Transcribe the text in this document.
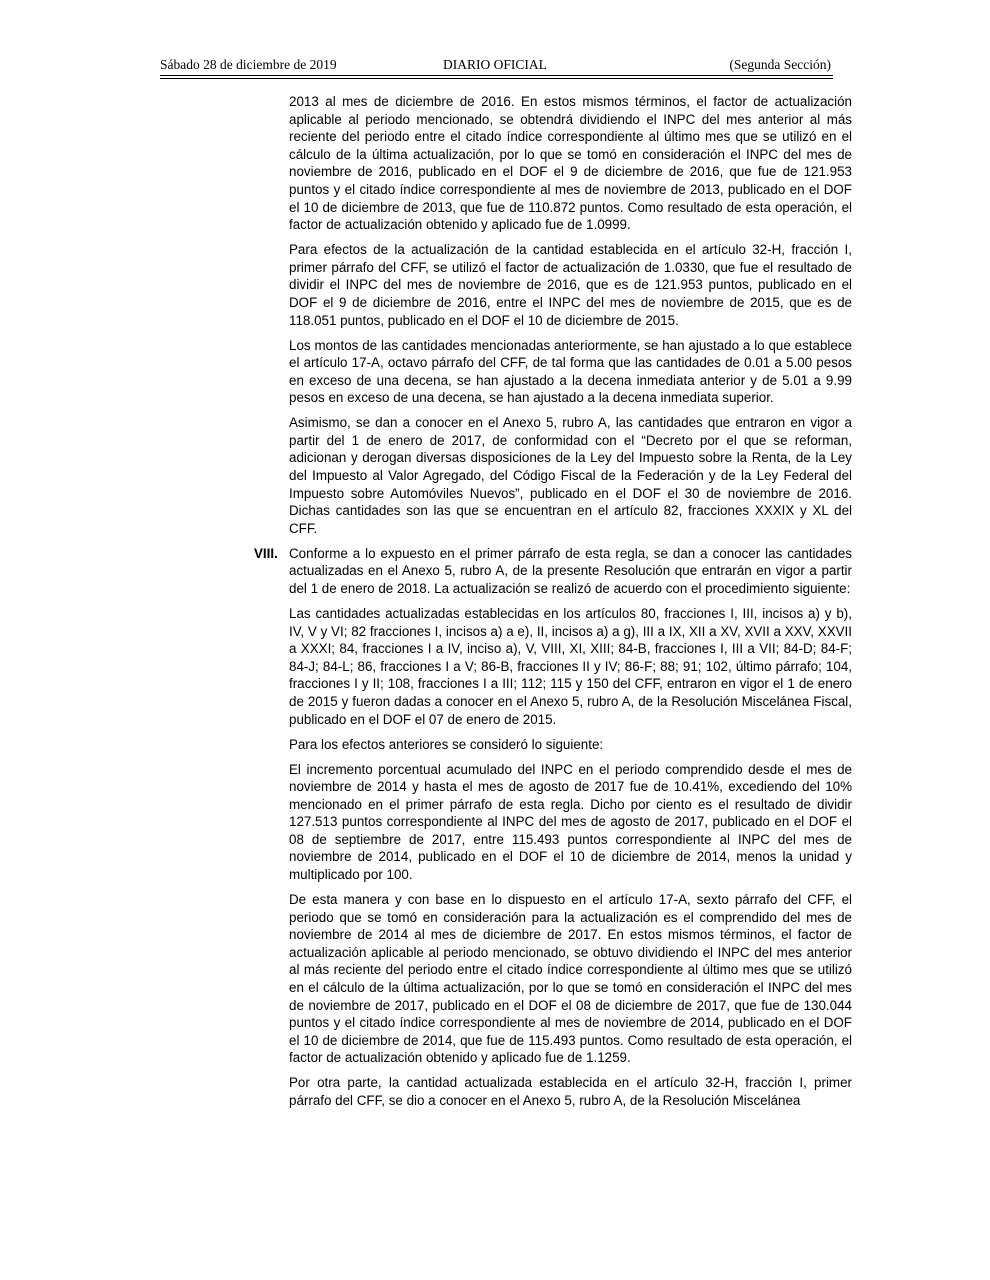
Sábado 28 de diciembre de 2019	DIARIO OFICIAL	(Segunda Sección)

2013 al mes de diciembre de 2016. En estos mismos términos, el factor de actualización aplicable al periodo mencionado, se obtendrá dividiendo el INPC del mes anterior al más reciente del periodo entre el citado índice correspondiente al último mes que se utilizó en el cálculo de la última actualización, por lo que se tomó en consideración el INPC del mes de noviembre de 2016, publicado en el DOF el 9 de diciembre de 2016, que fue de 121.953 puntos y el citado índice correspondiente al mes de noviembre de 2013, publicado en el DOF el 10 de diciembre de 2013, que fue de 110.872 puntos. Como resultado de esta operación, el factor de actualización obtenido y aplicado fue de 1.0999.

Para efectos de la actualización de la cantidad establecida en el artículo 32-H, fracción I, primer párrafo del CFF, se utilizó el factor de actualización de 1.0330, que fue el resultado de dividir el INPC del mes de noviembre de 2016, que es de 121.953 puntos, publicado en el DOF el 9 de diciembre de 2016, entre el INPC del mes de noviembre de 2015, que es de 118.051 puntos, publicado en el DOF el 10 de diciembre de 2015.

Los montos de las cantidades mencionadas anteriormente, se han ajustado a lo que establece el artículo 17-A, octavo párrafo del CFF, de tal forma que las cantidades de 0.01 a 5.00 pesos en exceso de una decena, se han ajustado a la decena inmediata anterior y de 5.01 a 9.99 pesos en exceso de una decena, se han ajustado a la decena inmediata superior.

Asimismo, se dan a conocer en el Anexo 5, rubro A, las cantidades que entraron en vigor a partir del 1 de enero de 2017, de conformidad con el “Decreto por el que se reforman, adicionan y derogan diversas disposiciones de la Ley del Impuesto sobre la Renta, de la Ley del Impuesto al Valor Agregado, del Código Fiscal de la Federación y de la Ley Federal del Impuesto sobre Automóviles Nuevos”, publicado en el DOF el 30 de noviembre de 2016. Dichas cantidades son las que se encuentran en el artículo 82, fracciones XXXIX y XL del CFF.

VIII. Conforme a lo expuesto en el primer párrafo de esta regla, se dan a conocer las cantidades actualizadas en el Anexo 5, rubro A, de la presente Resolución que entrarán en vigor a partir del 1 de enero de 2018. La actualización se realizó de acuerdo con el procedimiento siguiente:

Las cantidades actualizadas establecidas en los artículos 80, fracciones I, III, incisos a) y b), IV, V y VI; 82 fracciones I, incisos a) a e), II, incisos a) a g), III a IX, XII a XV, XVII a XXV, XXVII a XXXI; 84, fracciones I a IV, inciso a), V, VIII, XI, XIII; 84-B, fracciones I, III a VII; 84-D; 84-F; 84-J; 84-L; 86, fracciones I a V; 86-B, fracciones II y IV; 86-F; 88; 91; 102, último párrafo; 104, fracciones I y II; 108, fracciones I a III; 112; 115 y 150 del CFF, entraron en vigor el 1 de enero de 2015 y fueron dadas a conocer en el Anexo 5, rubro A, de la Resolución Miscelánea Fiscal, publicado en el DOF el 07 de enero de 2015.

Para los efectos anteriores se consideró lo siguiente:

El incremento porcentual acumulado del INPC en el periodo comprendido desde el mes de noviembre de 2014 y hasta el mes de agosto de 2017 fue de 10.41%, excediendo del 10% mencionado en el primer párrafo de esta regla. Dicho por ciento es el resultado de dividir 127.513 puntos correspondiente al INPC del mes de agosto de 2017, publicado en el DOF el 08 de septiembre de 2017, entre 115.493 puntos correspondiente al INPC del mes de noviembre de 2014, publicado en el DOF el 10 de diciembre de 2014, menos la unidad y multiplicado por 100.

De esta manera y con base en lo dispuesto en el artículo 17-A, sexto párrafo del CFF, el periodo que se tomó en consideración para la actualización es el comprendido del mes de noviembre de 2014 al mes de diciembre de 2017. En estos mismos términos, el factor de actualización aplicable al periodo mencionado, se obtuvo dividiendo el INPC del mes anterior al más reciente del periodo entre el citado índice correspondiente al último mes que se utilizó en el cálculo de la última actualización, por lo que se tomó en consideración el INPC del mes de noviembre de 2017, publicado en el DOF el 08 de diciembre de 2017, que fue de 130.044 puntos y el citado índice correspondiente al mes de noviembre de 2014, publicado en el DOF el 10 de diciembre de 2014, que fue de 115.493 puntos. Como resultado de esta operación, el factor de actualización obtenido y aplicado fue de 1.1259.

Por otra parte, la cantidad actualizada establecida en el artículo 32-H, fracción I, primer párrafo del CFF, se dio a conocer en el Anexo 5, rubro A, de la Resolución Miscelánea
